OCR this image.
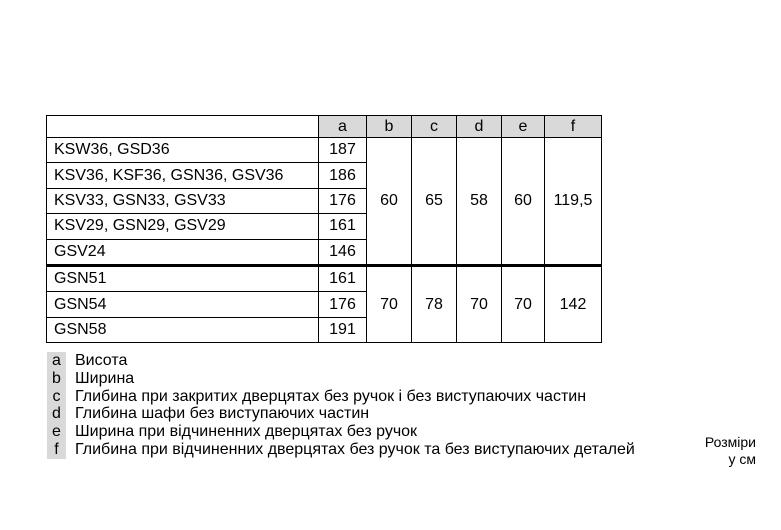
	a	b	c	d	e	f
KSW36, GSD36	187	60	65	58	60	119,5
KSV36, KSF36, GSN36, GSV36	186					
KSV33, GSN33, GSV33	176					
KSV29, GSN29, GSV29	161					
GSV24	146					
GSN51	161	70	78	70	70	142
GSN54	176					
GSN58	191					
a Висота
b Ширина
c Глибина при закритих дверцятах без ручок і без виступаючих частин
d Глибина шафи без виступаючих частин
e Ширина при відчиненних дверцятах без ручок
f	Глибина при відчиненних дверцятах без ручок та без виступаючих деталей	Розміри
у см
